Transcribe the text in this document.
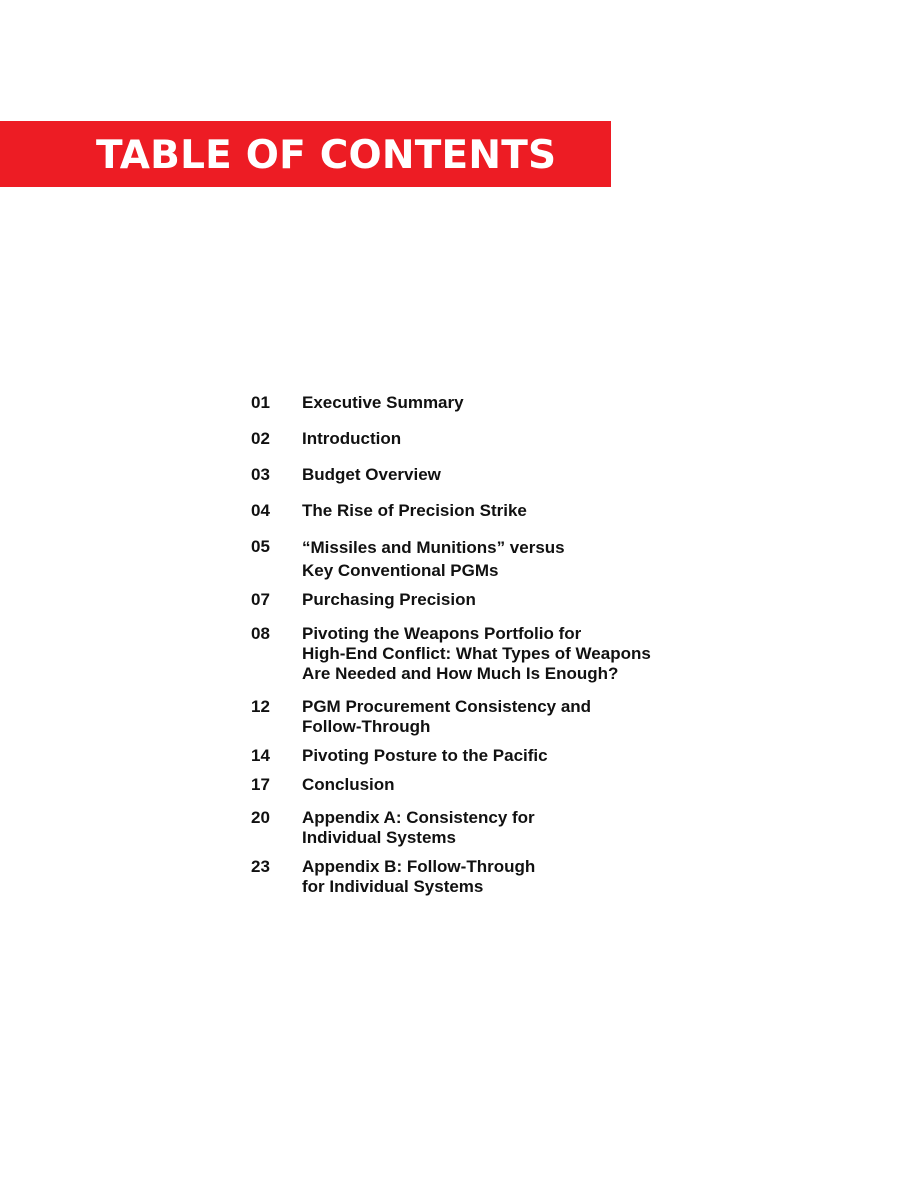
TABLE OF CONTENTS
01	Executive Summary
02	Introduction
03	Budget Overview
04	The Rise of Precision Strike
05	“Missiles and Munitions” versus
Key Conventional PGMs
07	Purchasing Precision
08	Pivoting the Weapons Portfolio for
High-End Conflict: What Types of Weapons
Are Needed and How Much Is Enough?
12	PGM Procurement Consistency and
Follow-Through
14	Pivoting Posture to the Pacific
17	Conclusion
20	Appendix A: Consistency for
Individual Systems
23	Appendix B: Follow-Through
for Individual Systems
